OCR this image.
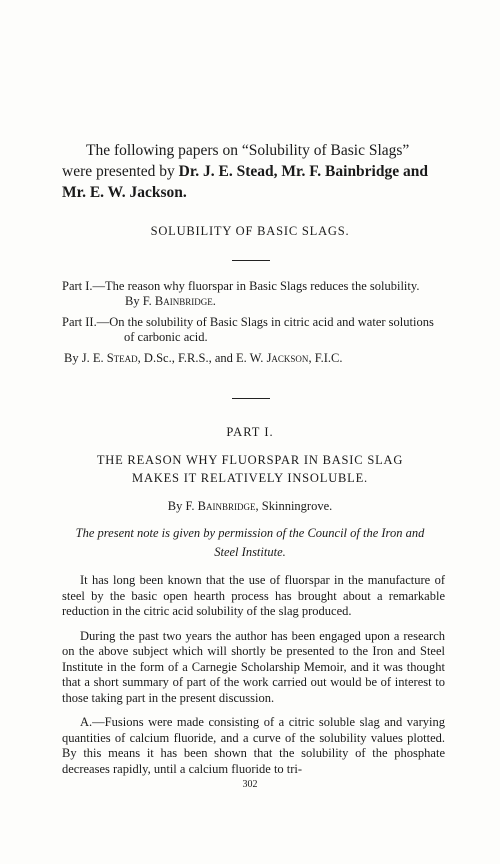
The following papers on “Solubility of Basic Slags”
were presented by Dr. J. E. Stead, Mr. F. Bainbridge and
Mr. E. W. Jackson.
SOLUBILITY OF BASIC SLAGS.
Part I.—The reason why fluorspar in Basic Slags reduces the solubility.
By F. Bainbridge.
Part II.—On the solubility of Basic Slags in citric acid and water solutions of carbonic acid.
By J. E. Stead, D.Sc., F.R.S., and E. W. Jackson, F.I.C.
PART I.
THE REASON WHY FLUORSPAR IN BASIC SLAG
MAKES IT RELATIVELY INSOLUBLE.
By F. Bainbridge, Skinningrove.
The present note is given by permission of the Council of the Iron and Steel Institute.

It has long been known that the use of fluorspar in the manufacture of steel by the basic open hearth process has brought about a remarkable reduction in the citric acid solubility of the slag produced.

During the past two years the author has been engaged upon a research on the above subject which will shortly be presented to the Iron and Steel Institute in the form of a Carnegie Scholarship Memoir, and it was thought that a short summary of part of the work carried out would be of interest to those taking part in the present discussion.

A.—Fusions were made consisting of a citric soluble slag and varying quantities of calcium fluoride, and a curve of the solubility values plotted. By this means it has been shown that the solubility of the phosphate decreases rapidly, until a calcium fluoride to tri-

302
